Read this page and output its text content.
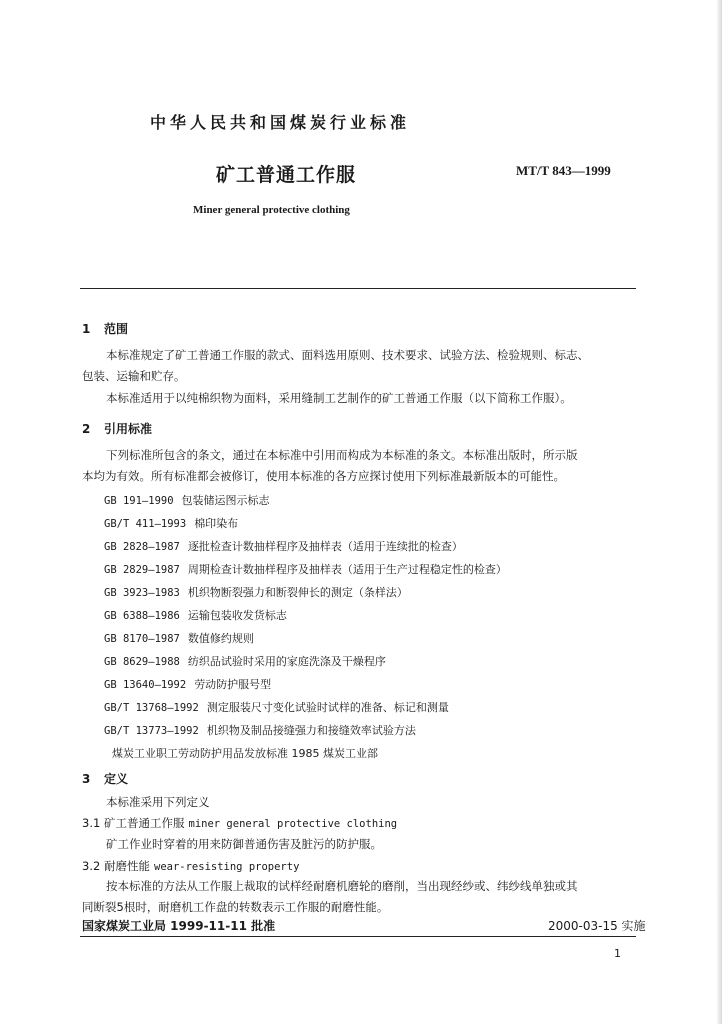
中华人民共和国煤炭行业标准
矿工普通工作服	MT/T 843—1999
Miner general protective clothing
1 范围
本标准规定了矿工普通工作服的款式、面料选用原则、技术要求、试验方法、检验规则、标志、
包装、运输和贮存。
本标准适用于以纯棉织物为面料，采用缝制工艺制作的矿工普通工作服（以下简称工作服）。
2 引用标准
下列标准所包含的条文，通过在本标准中引用而构成为本标准的条文。本标准出版时，所示版
本均为有效。所有标准都会被修订，使用本标准的各方应探讨使用下列标准最新版本的可能性。
GB 191—1990 包装储运图示标志
GB/T 411—1993 棉印染布
GB 2828—1987 逐批检查计数抽样程序及抽样表（适用于连续批的检查）
GB 2829—1987 周期检查计数抽样程序及抽样表（适用于生产过程稳定性的检查）
GB 3923—1983 机织物断裂强力和断裂伸长的测定（条样法）
GB 6388—1986 运输包装收发货标志
GB 8170—1987 数值修约规则
GB 8629—1988 纺织品试验时采用的家庭洗涤及干燥程序
GB 13640—1992 劳动防护服号型
GB/T 13768—1992 测定服装尺寸变化试验时试样的准备、标记和测量
GB/T 13773—1992 机织物及制品接缝强力和接缝效率试验方法
煤炭工业职工劳动防护用品发放标准 1985 煤炭工业部
3 定义
本标准采用下列定义
3.1 矿工普通工作服 miner general protective clothing
矿工作业时穿着的用来防御普通伤害及脏污的防护服。
3.2 耐磨性能 wear-resisting property
按本标准的方法从工作服上裁取的试样经耐磨机磨轮的磨削，当出现经纱或、纬纱线单独或其
同断裂5根时，耐磨机工作盘的转数表示工作服的耐磨性能。
国家煤炭工业局 1999-11-11 批准	2000-03-15 实施
1
